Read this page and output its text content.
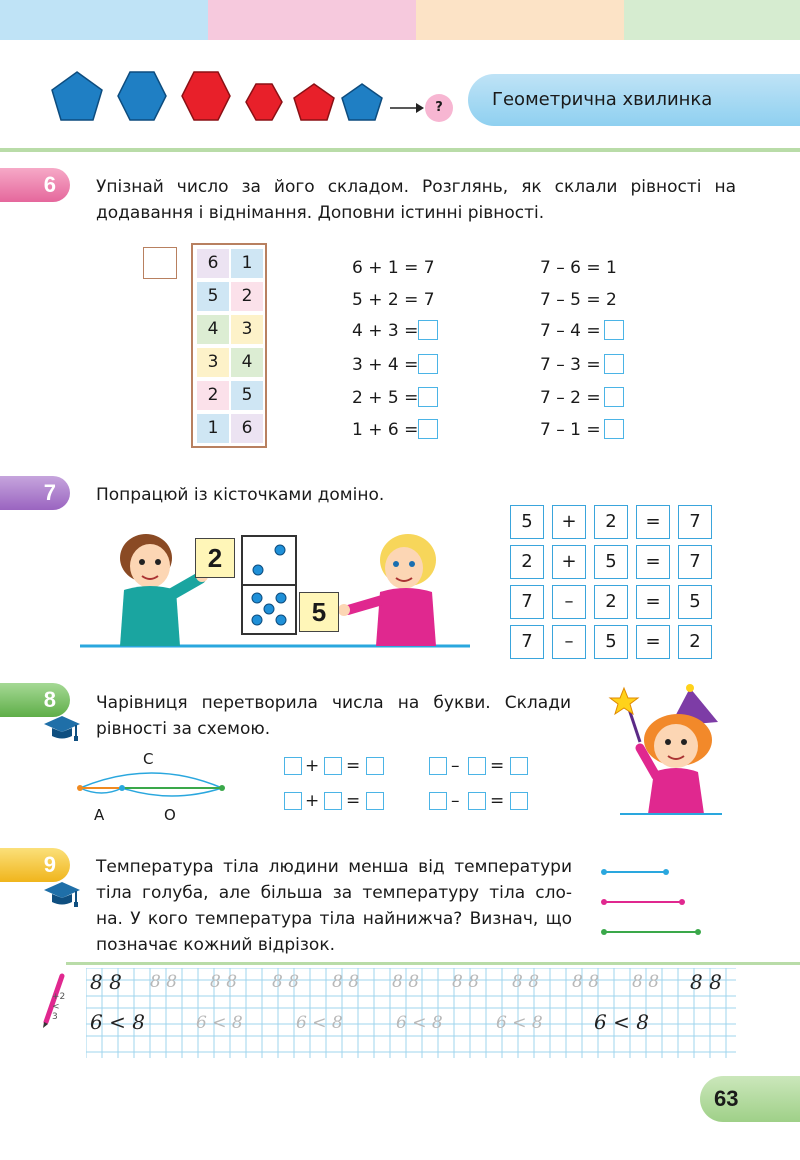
?	Геометрична хвилинка
6	Упізнай число за його складом. Розглянь, як склали рівності на
додавання і віднімання. Доповни істинні рівності.
6	1
5	2
4	3
3	4
2	5
1	6
6 + 1 = 7
5 + 2 = 7
4 + 3 =
3 + 4 =
2 + 5 =
1 + 6 =
7 – 6 = 1
7 – 5 = 2
7 – 4 =
7 – 3 =
7 – 2 =
7 – 1 =
7	Попрацюй із кісточками доміно.
2
5
5	+	2	=	7
2	+	5	=	7
7	–	2	=	5
7	–	5	=	2
8	Чарівниця перетворила числа на букви. Склади
рівності за схемою.
С
А	О
+ =
+ =
– =
– =
9	Температура тіла людини менша від температури
тіла голуба, але більша за температуру тіла сло-
на. У кого температура тіла найнижча? Визнач, що
позначає кожний відрізок.
+2
<
3
8 8 8 8 8 8 8 8 8 8 8 8 8 8 8 8 8 8 8 8 8 8
6 < 8	6 < 8	6 < 8	6 < 8	6 < 8	6 < 8
63
